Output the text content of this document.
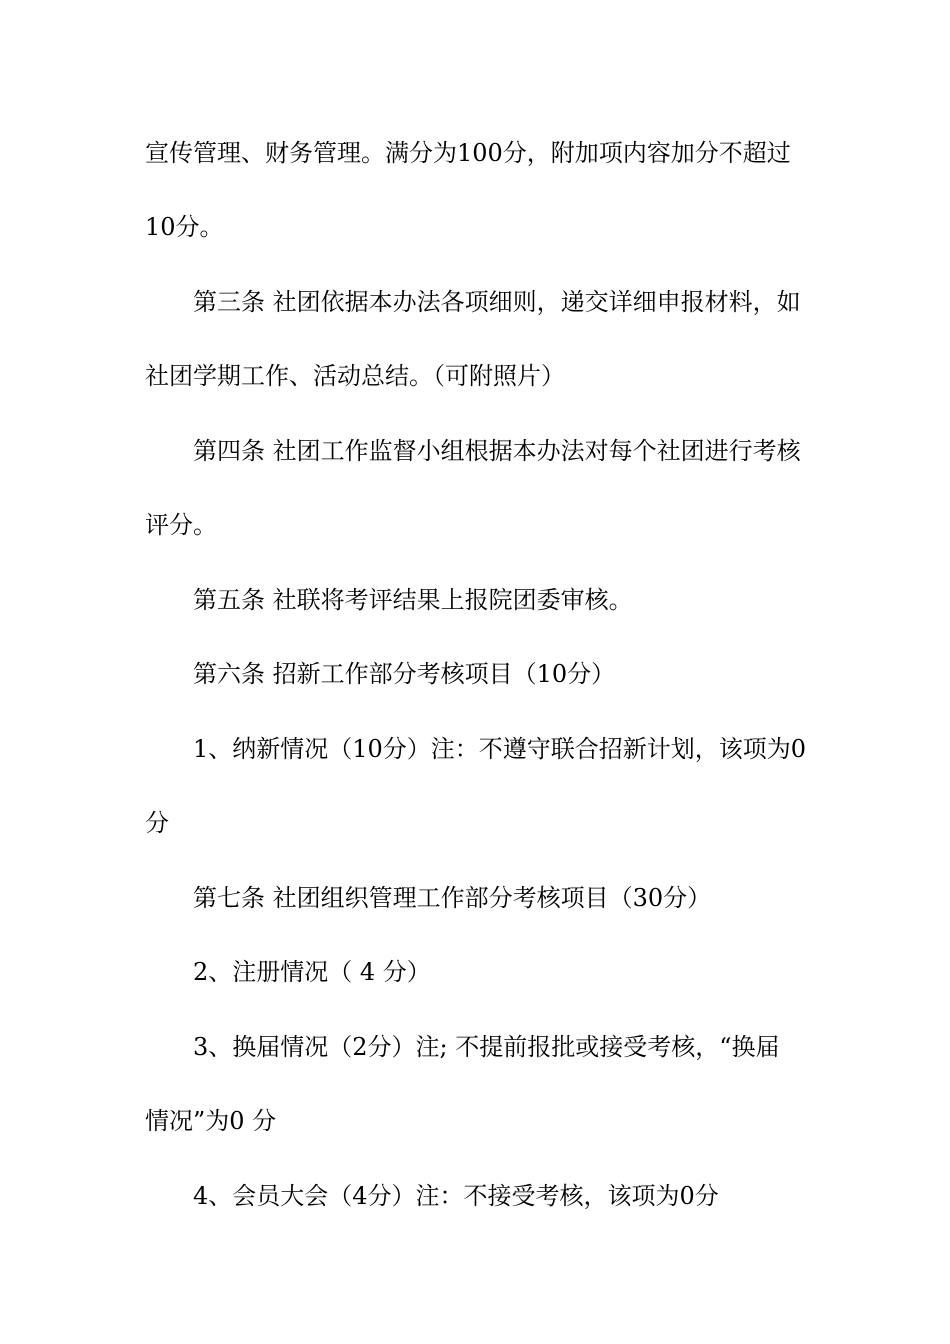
宣传管理、财务管理。满分为100分，附加项内容加分不超过
10分。
第三条 社团依据本办法各项细则，递交详细申报材料，如
社团学期工作、活动总结。（可附照片）
第四条 社团工作监督小组根据本办法对每个社团进行考核
评分。
第五条 社联将考评结果上报院团委审核。
第六条 招新工作部分考核项目（10分）
1、纳新情况（10分）注：不遵守联合招新计划，该项为0
分
第七条 社团组织管理工作部分考核项目（30分）
2、注册情况（ 4 分）
3、换届情况（2分）注; 不提前报批或接受考核，“换届
情况”为0 分
4、会员大会（4分）注：不接受考核，该项为0分
